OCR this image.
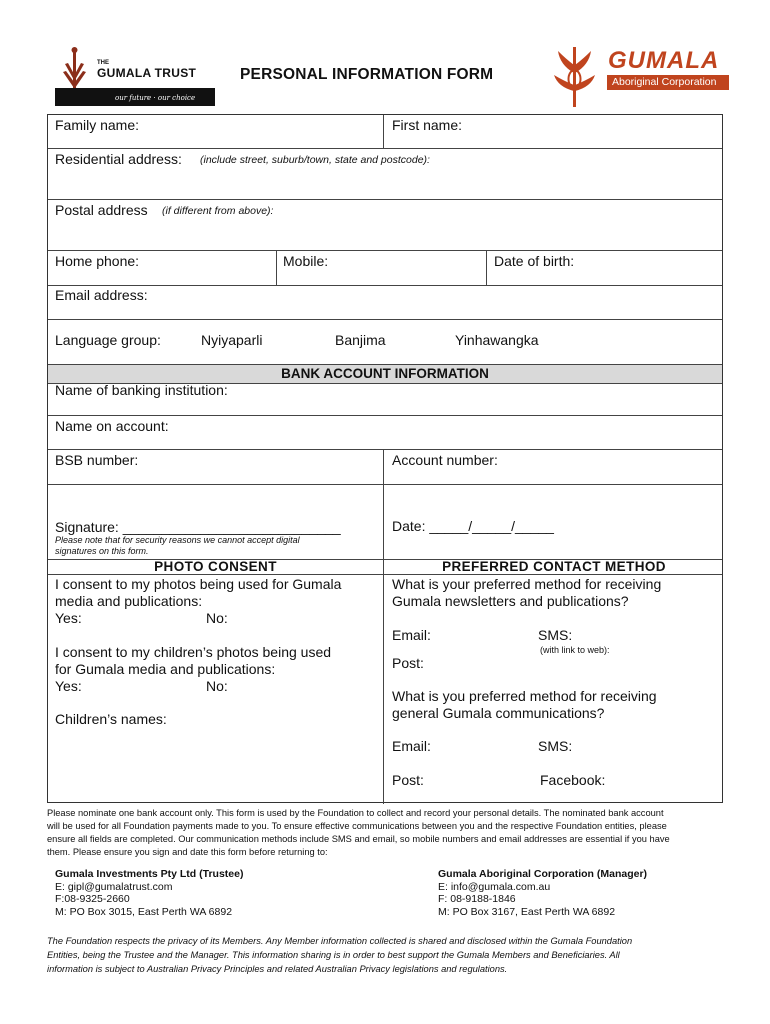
our future · our choice
THE
GUMALA TRUST	PERSONAL INFORMATION FORM
GUMALA
Aboriginal Corporation
BANK ACCOUNT INFORMATION
Family name:	First name:
Residential address: (include street, suburb/town, state and postcode):
Postal address (if different from above):
Home phone:	Mobile:	Date of birth:
Email address:
Language group:	Nyiyaparli	Banjima	Yinhawangka
Name of banking institution:
Name on account:
BSB number:	Account number:
Signature: ____________________________
Please note that for security reasons we cannot accept digital
signatures on this form.
Date: _____/_____/_____
PHOTO CONSENT	PREFERRED CONTACT METHOD
I consent to my photos being used for Gumala
media and publications:
Yes:	No:
I consent to my children’s photos being used
for Gumala media and publications:
Yes:	No:
Children’s names:
What is your preferred method for receiving
Gumala newsletters and publications?
Email:	SMS:
(with link to web):
Post:
What is you preferred method for receiving
general Gumala communications?
Email:	SMS:
Post:	Facebook:
Please nominate one bank account only. This form is used by the Foundation to collect and record your personal details. The nominated bank account
will be used for all Foundation payments made to you. To ensure effective communications between you and the respective Foundation entities, please
ensure all fields are completed. Our communication methods include SMS and email, so mobile numbers and email addresses are essential if you have
them. Please ensure you sign and date this form before returning to:
Gumala Investments Pty Ltd (Trustee)
E: gipl@gumalatrust.com
F:08-9325-2660
M: PO Box 3015, East Perth WA 6892
Gumala Aboriginal Corporation (Manager)
E: info@gumala.com.au
F: 08-9188-1846
M: PO Box 3167, East Perth WA 6892
The Foundation respects the privacy of its Members. Any Member information collected is shared and disclosed within the Gumala Foundation
Entities, being the Trustee and the Manager. This information sharing is in order to best support the Gumala Members and Beneficiaries. All
information is subject to Australian Privacy Principles and related Australian Privacy legislations and regulations.
